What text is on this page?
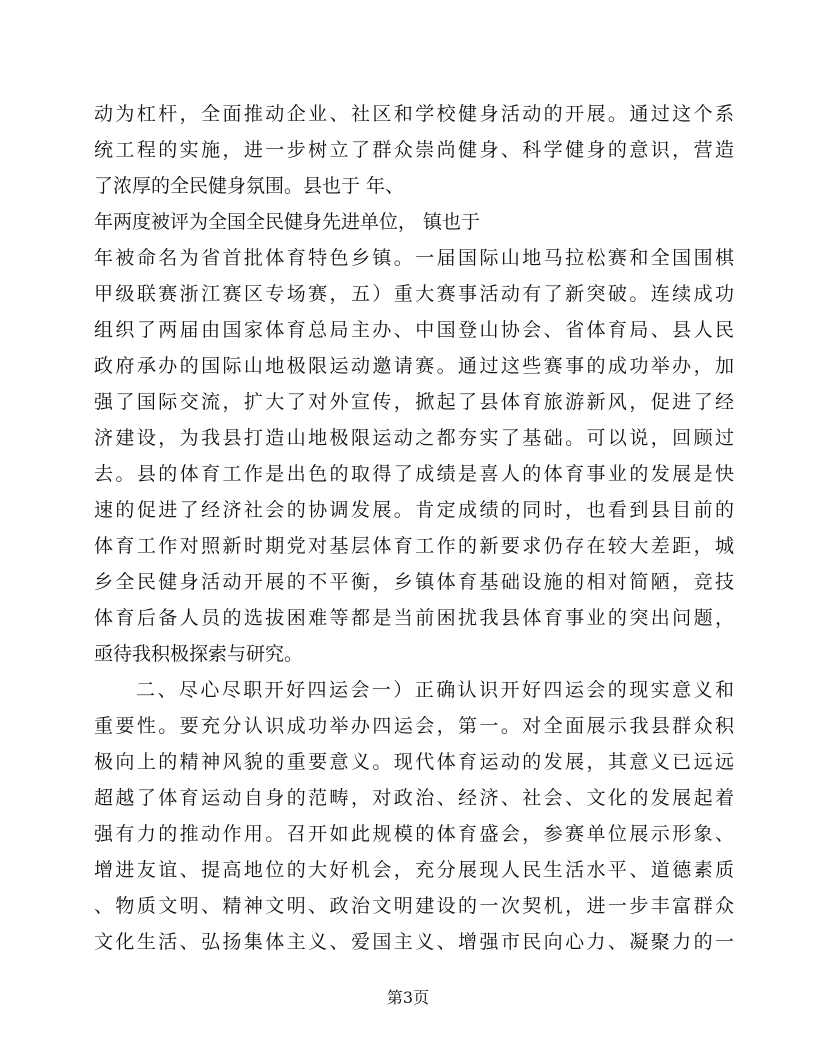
动为杠杆，全面推动企业、社区和学校健身活动的开展。通过这个系
统工程的实施，进一步树立了群众崇尚健身、科学健身的意识，营造
了浓厚的全民健身氛围。县也于 年、
年两度被评为全国全民健身先进单位， 镇也于
年被命名为省首批体育特色乡镇。一届国际山地马拉松赛和全国围棋
甲级联赛浙江赛区专场赛，五）重大赛事活动有了新突破。连续成功
组织了两届由国家体育总局主办、中国登山协会、省体育局、县人民
政府承办的国际山地极限运动邀请赛。通过这些赛事的成功举办，加
强了国际交流，扩大了对外宣传，掀起了县体育旅游新风，促进了经
济建设，为我县打造山地极限运动之都夯实了基础。可以说，回顾过
去。县的体育工作是出色的取得了成绩是喜人的体育事业的发展是快
速的促进了经济社会的协调发展。肯定成绩的同时，也看到县目前的
体育工作对照新时期党对基层体育工作的新要求仍存在较大差距，城
乡全民健身活动开展的不平衡，乡镇体育基础设施的相对简陋，竞技
体育后备人员的选拔困难等都是当前困扰我县体育事业的突出问题，
亟待我积极探索与研究。
二、尽心尽职开好四运会一）正确认识开好四运会的现实意义和
重要性。要充分认识成功举办四运会，第一。对全面展示我县群众积
极向上的精神风貌的重要意义。现代体育运动的发展，其意义已远远
超越了体育运动自身的范畴，对政治、经济、社会、文化的发展起着
强有力的推动作用。召开如此规模的体育盛会，参赛单位展示形象、
增进友谊、提高地位的大好机会，充分展现人民生活水平、道德素质
、物质文明、精神文明、政治文明建设的一次契机，进一步丰富群众
文化生活、弘扬集体主义、爱国主义、增强市民向心力、凝聚力的一
第3页
